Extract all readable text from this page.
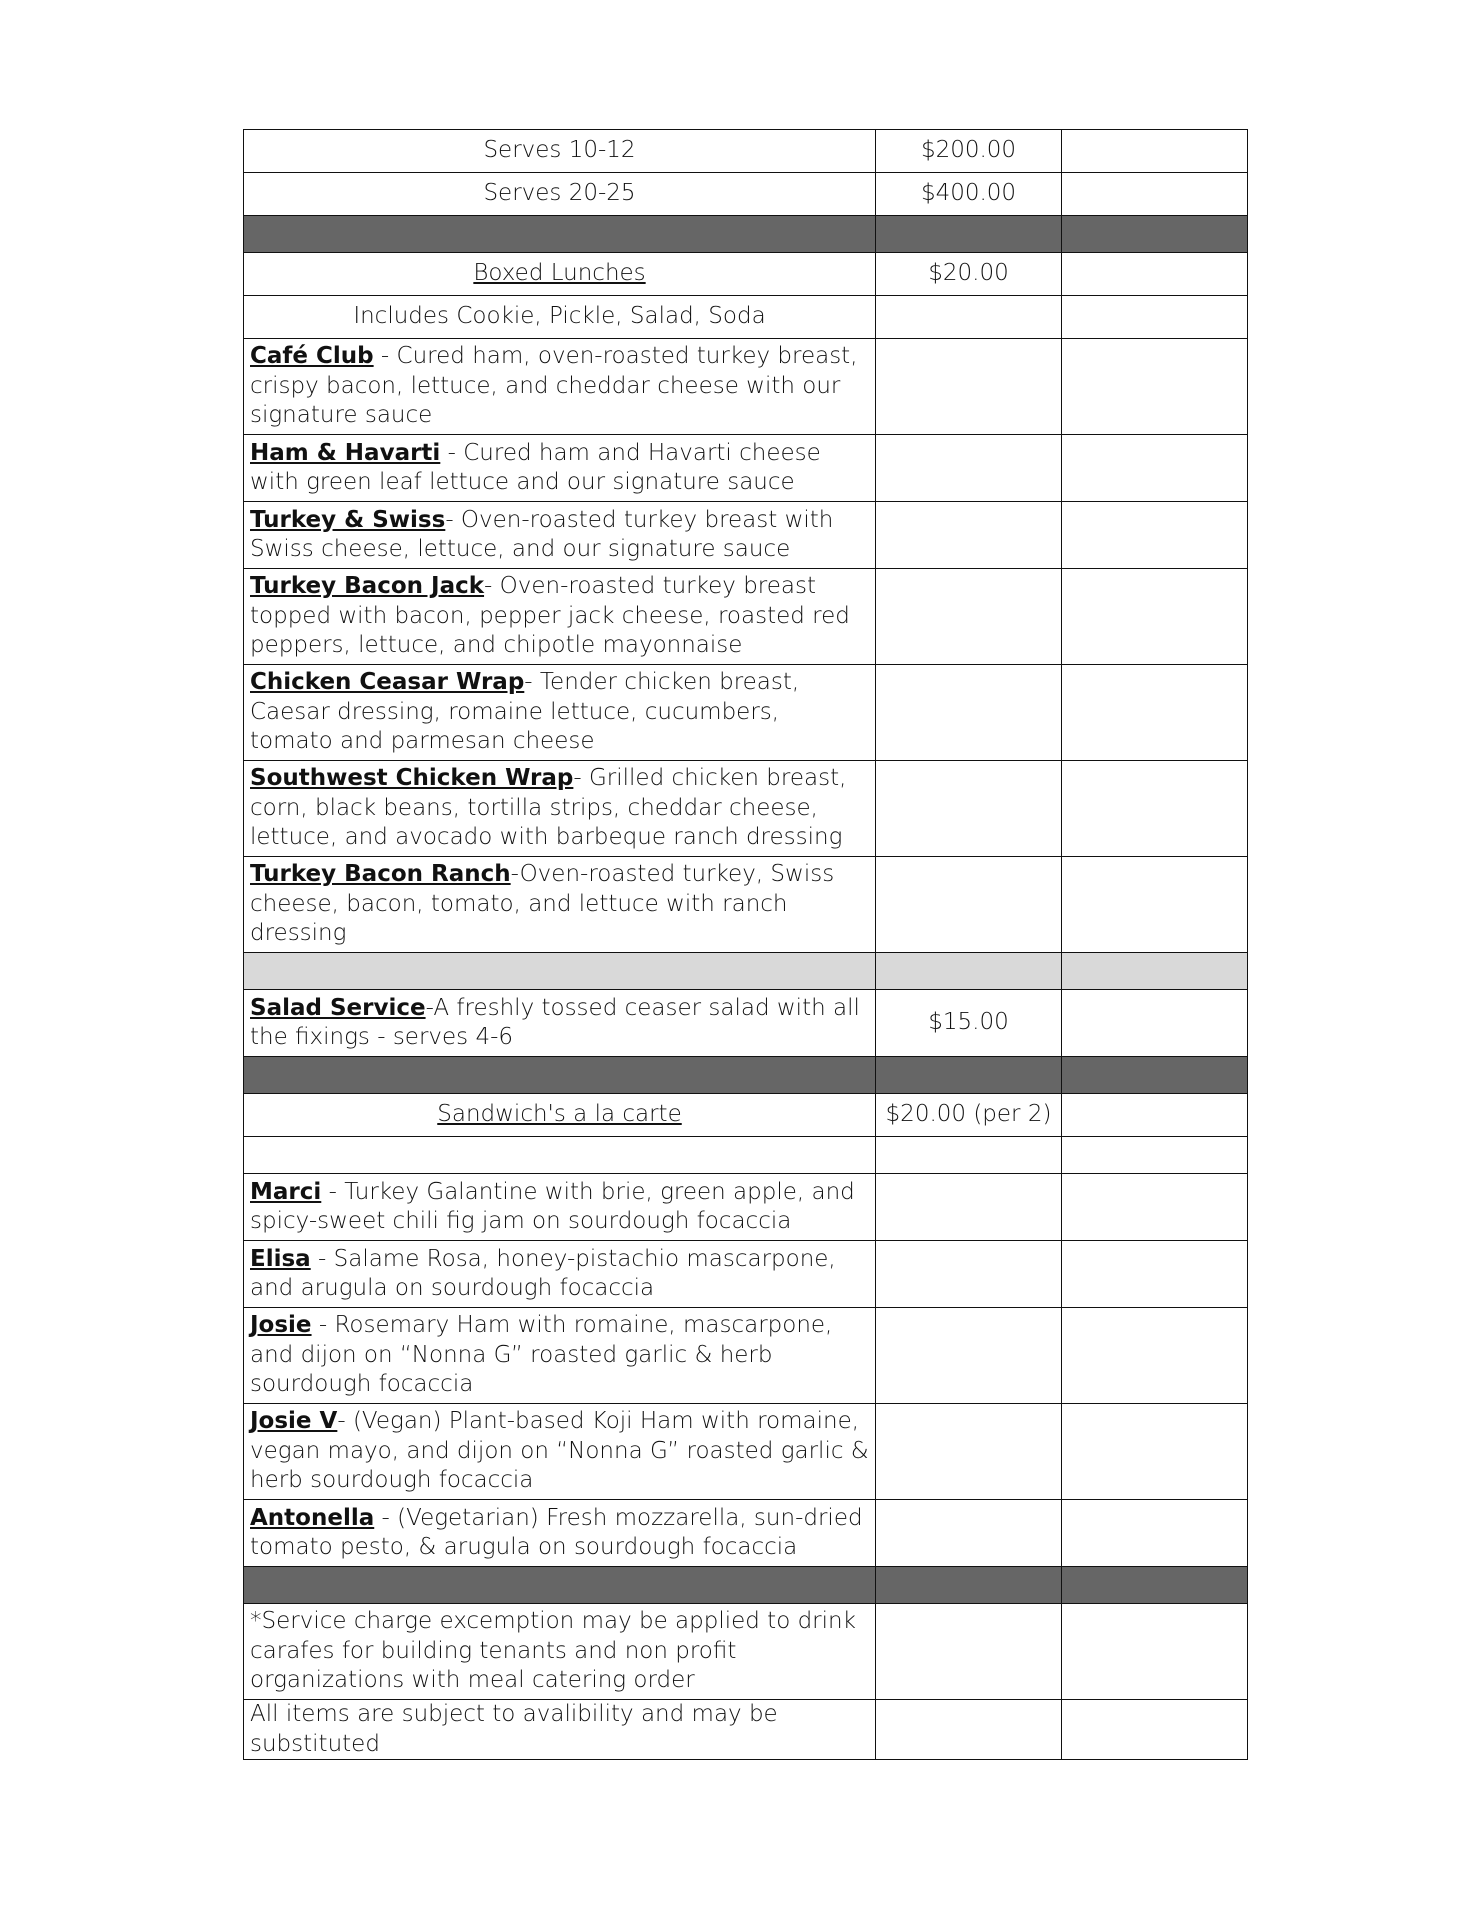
Serves 10-12	$200.00	
Serves 20-25	$400.00	

Boxed Lunches	$20.00	
Includes Cookie, Pickle, Salad, Soda		
Café Club - Cured ham, oven-roasted turkey breast, crispy bacon, lettuce, and cheddar cheese with our signature sauce		
Ham & Havarti - Cured ham and Havarti cheese with green leaf lettuce and our signature sauce		
Turkey & Swiss- Oven-roasted turkey breast with Swiss cheese, lettuce, and our signature sauce		
Turkey Bacon Jack- Oven-roasted turkey breast topped with bacon, pepper jack cheese, roasted red peppers, lettuce, and chipotle mayonnaise		
Chicken Ceasar Wrap- Tender chicken breast, Caesar dressing, romaine lettuce, cucumbers, tomato and parmesan cheese		
Southwest Chicken Wrap- Grilled chicken breast, corn, black beans, tortilla strips, cheddar cheese, lettuce, and avocado with barbeque ranch dressing		
Turkey Bacon Ranch-Oven-roasted turkey, Swiss cheese, bacon, tomato, and lettuce with ranch dressing		

Salad Service-A freshly tossed ceaser salad with all the fixings - serves 4-6	$15.00	

Sandwich's a la carte	$20.00 (per 2)	

Marci - Turkey Galantine with brie, green apple, and spicy-sweet chili fig jam on sourdough focaccia		
Elisa - Salame Rosa, honey-pistachio mascarpone, and arugula on sourdough focaccia		
Josie - Rosemary Ham with romaine, mascarpone, and dijon on “Nonna G” roasted garlic & herb sourdough focaccia		
Josie V- (Vegan) Plant-based Koji Ham with romaine, vegan mayo, and dijon on “Nonna G” roasted garlic & herb sourdough focaccia		
Antonella - (Vegetarian) Fresh mozzarella, sun-dried tomato pesto, & arugula on sourdough focaccia		

*Service charge excemption may be applied to drink carafes for building tenants and non profit organizations with meal catering order		
All items are subject to avalibility and may be substituted		
